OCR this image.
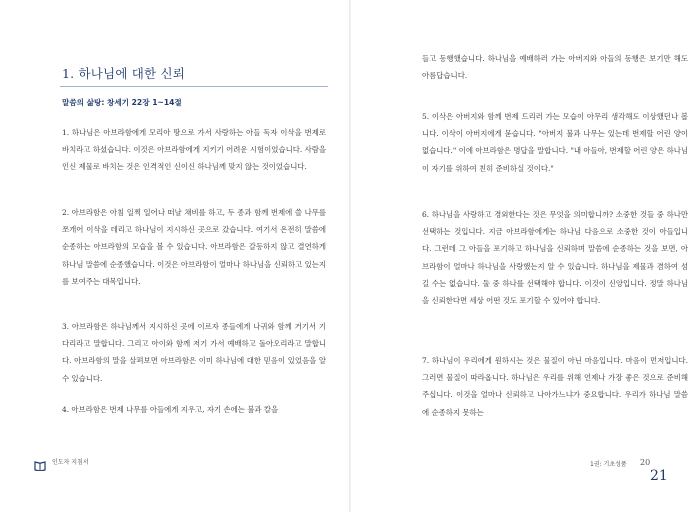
1. 하나님에 대한 신뢰
말씀의 삶탕: 창세기 22장 1~14절

1. 하나님은 아브라함에게 모리아 땅으로 가서 사랑하는 아들 독자 이삭을 번제로 바치라고 하셨습니다. 이것은 아브라함에게 지키기 어려운 시험이었습니다. 사람을 인신 제물로 바치는 것은 인격적인 신이신 하나님께 맞지 않는 것이었습니다.

2. 아브라함은 아침 일찍 일어나 떠날 채비를 하고, 두 종과 함께 번제에 쓸 나무를 쪼개어 이삭을 데리고 하나님이 지시하신 곳으로 갔습니다. 여기서 온전히 말씀에 순종하는 아브라함의 모습을 볼 수 있습니다. 아브라함은 갈등하지 않고 결연하게 하나님 말씀에 순종했습니다. 이것은 아브라함이 얼마나 하나님을 신뢰하고 있는지를 보여주는 대목입니다.

3. 아브라함은 하나님께서 지시하신 곳에 이르자 종들에게 나귀와 함께 거기서 기다리라고 말합니다. 그리고 아이와 함께 저기 가서 예배하고 돌아오리라고 말합니다. 아브라함의 말을 살펴보면 아브라함은 이미 하나님에 대한 믿음이 있었음을 알 수 있습니다.

4. 아브라함은 번제 나무를 아들에게 지우고, 자기 손에는 불과 칼을

인도자 지침서

들고 동행했습니다. 하나님을 예배하러 가는 아버지와 아들의 동행은 보기만 해도 아름답습니다.

5. 이삭은 아버지와 함께 번제 드리러 가는 모습이 아무리 생각해도 이상했던나 봅니다. 이삭이 아버지에게 묻습니다. "아버지 불과 나무는 있는데 번제할 어린 양이 없습니다." 이에 아브라함은 명답을 말합니다. "내 아들아, 번제할 어린 양은 하나님이 자기를 위하여 친히 준비하실 것이다."

6. 하나님을 사랑하고 경외한다는 것은 무엇을 의미합니까? 소중한 것들 중 하나만 선택하는 것입니다. 지금 아브라함에게는 하나님 다음으로 소중한 것이 아들입니다. 그런데 그 아들을 포기하고 하나님을 신뢰하며 말씀에 순종하는 것을 보면, 아브라함이 얼마나 하나님을 사랑했는지 알 수 있습니다. 하나님을 제물과 겸하여 섬길 수는 없습니다. 둘 중 하나를 선택해야 합니다. 이것이 신앙입니다. 정말 하나님을 신뢰한다면 세상 어떤 것도 포기할 수 있어야 합니다.

7. 하나님이 우리에게 원하시는 것은 물질이 아닌 마음입니다. 마음이 먼저입니다. 그러면 물질이 따라옵니다. 하나님은 우리를 위해 언제나 가장 좋은 것으로 준비해 주십니다. 이것을 얼마나 신뢰하고 나아가느냐가 중요합니다. 우리가 하나님 말씀에 순종하지 못하는

1권: 기초성품 20
21
